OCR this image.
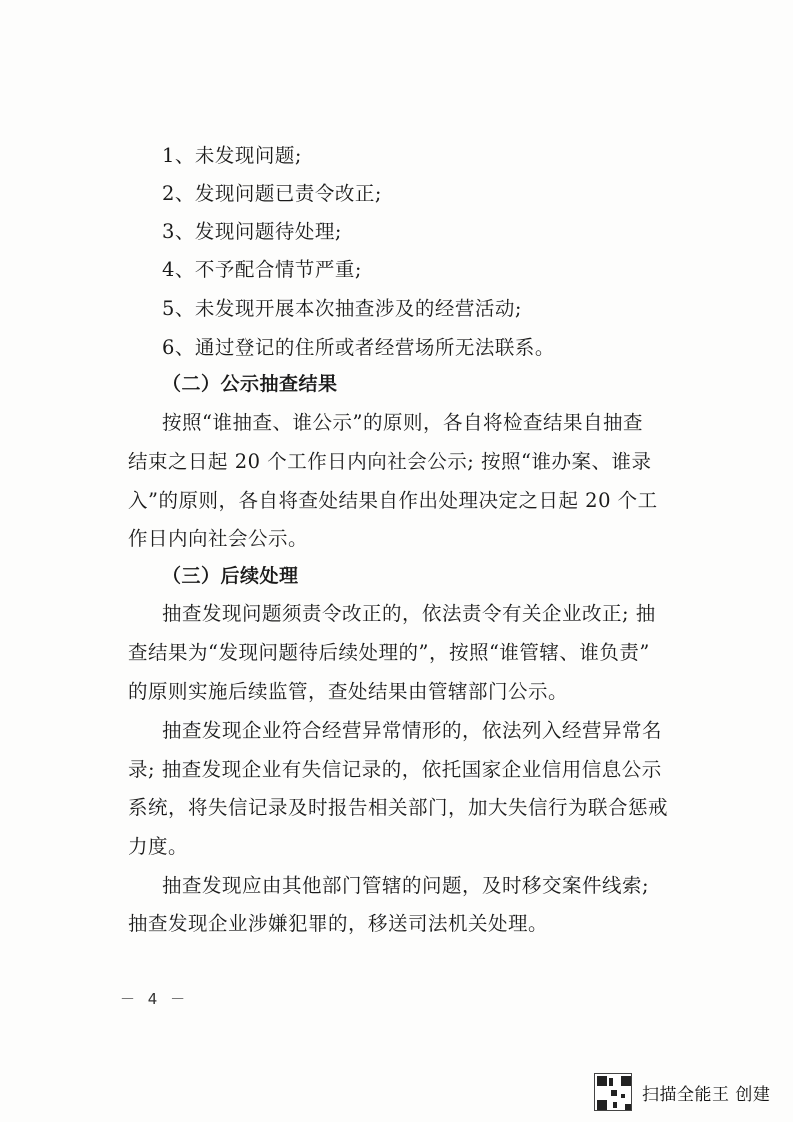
1、未发现问题;
2、发现问题已责令改正;
3、发现问题待处理;
4、不予配合情节严重;
5、未发现开展本次抽查涉及的经营活动;
6、通过登记的住所或者经营场所无法联系。
（二）公示抽查结果
按照“谁抽查、谁公示”的原则，各自将检查结果自抽查
结束之日起 20 个工作日内向社会公示; 按照“谁办案、谁录
入”的原则，各自将查处结果自作出处理决定之日起 20 个工
作日内向社会公示。
（三）后续处理
抽查发现问题须责令改正的，依法责令有关企业改正; 抽
查结果为“发现问题待后续处理的”，按照“谁管辖、谁负责”
的原则实施后续监管，查处结果由管辖部门公示。
抽查发现企业符合经营异常情形的，依法列入经营异常名
录; 抽查发现企业有失信记录的，依托国家企业信用信息公示
系统，将失信记录及时报告相关部门，加大失信行为联合惩戒
力度。
抽查发现应由其他部门管辖的问题，及时移交案件线索;
抽查发现企业涉嫌犯罪的，移送司法机关处理。
－ 4 －
扫描全能王 创建
